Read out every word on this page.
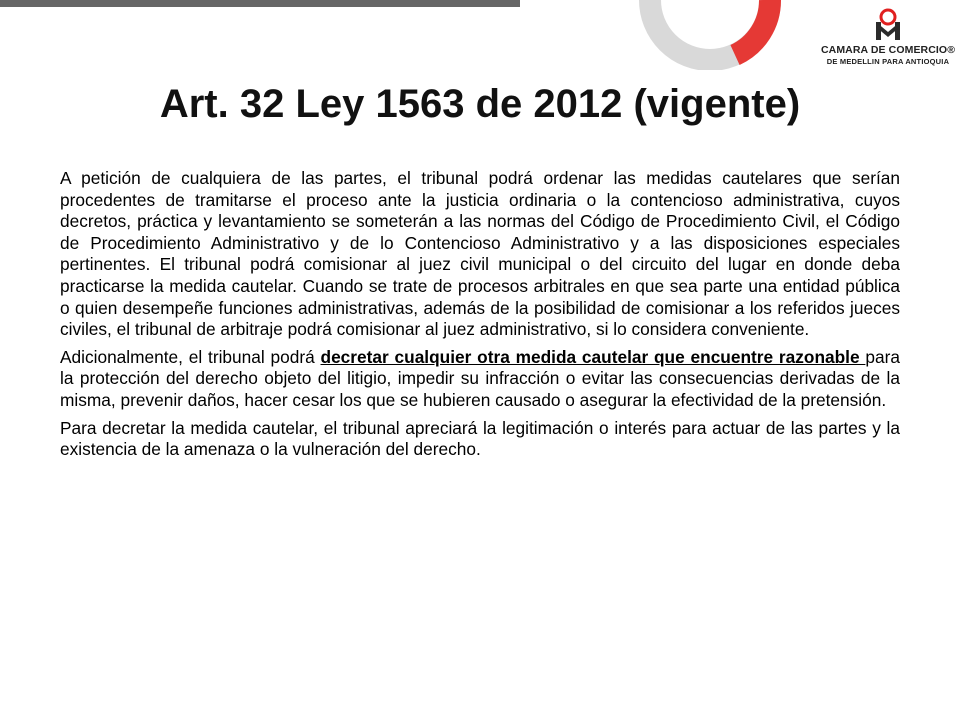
CAMARA DE COMERCIO®
DE MEDELLIN PARA ANTIOQUIA
Art. 32 Ley 1563 de 2012 (vigente)

A petición de cualquiera de las partes, el tribunal podrá ordenar las medidas cautelares que serían procedentes de tramitarse el proceso ante la justicia ordinaria o la contencioso administrativa, cuyos decretos, práctica y levantamiento se someterán a las normas del Código de Procedimiento Civil, el Código de Procedimiento Administrativo y de lo Contencioso Administrativo y a las disposiciones especiales pertinentes. El tribunal podrá comisionar al juez civil municipal o del circuito del lugar en donde deba practicarse la medida cautelar. Cuando se trate de procesos arbitrales en que sea parte una entidad pública o quien desempeñe funciones administrativas, además de la posibilidad de comisionar a los referidos jueces civiles, el tribunal de arbitraje podrá comisionar al juez administrativo, si lo considera conveniente.

Adicionalmente, el tribunal podrá decretar cualquier otra medida cautelar que encuentre razonable para la protección del derecho objeto del litigio, impedir su infracción o evitar las consecuencias derivadas de la misma, prevenir daños, hacer cesar los que se hubieren causado o asegurar la efectividad de la pretensión.

Para decretar la medida cautelar, el tribunal apreciará la legitimación o interés para actuar de las partes y la existencia de la amenaza o la vulneración del derecho.
